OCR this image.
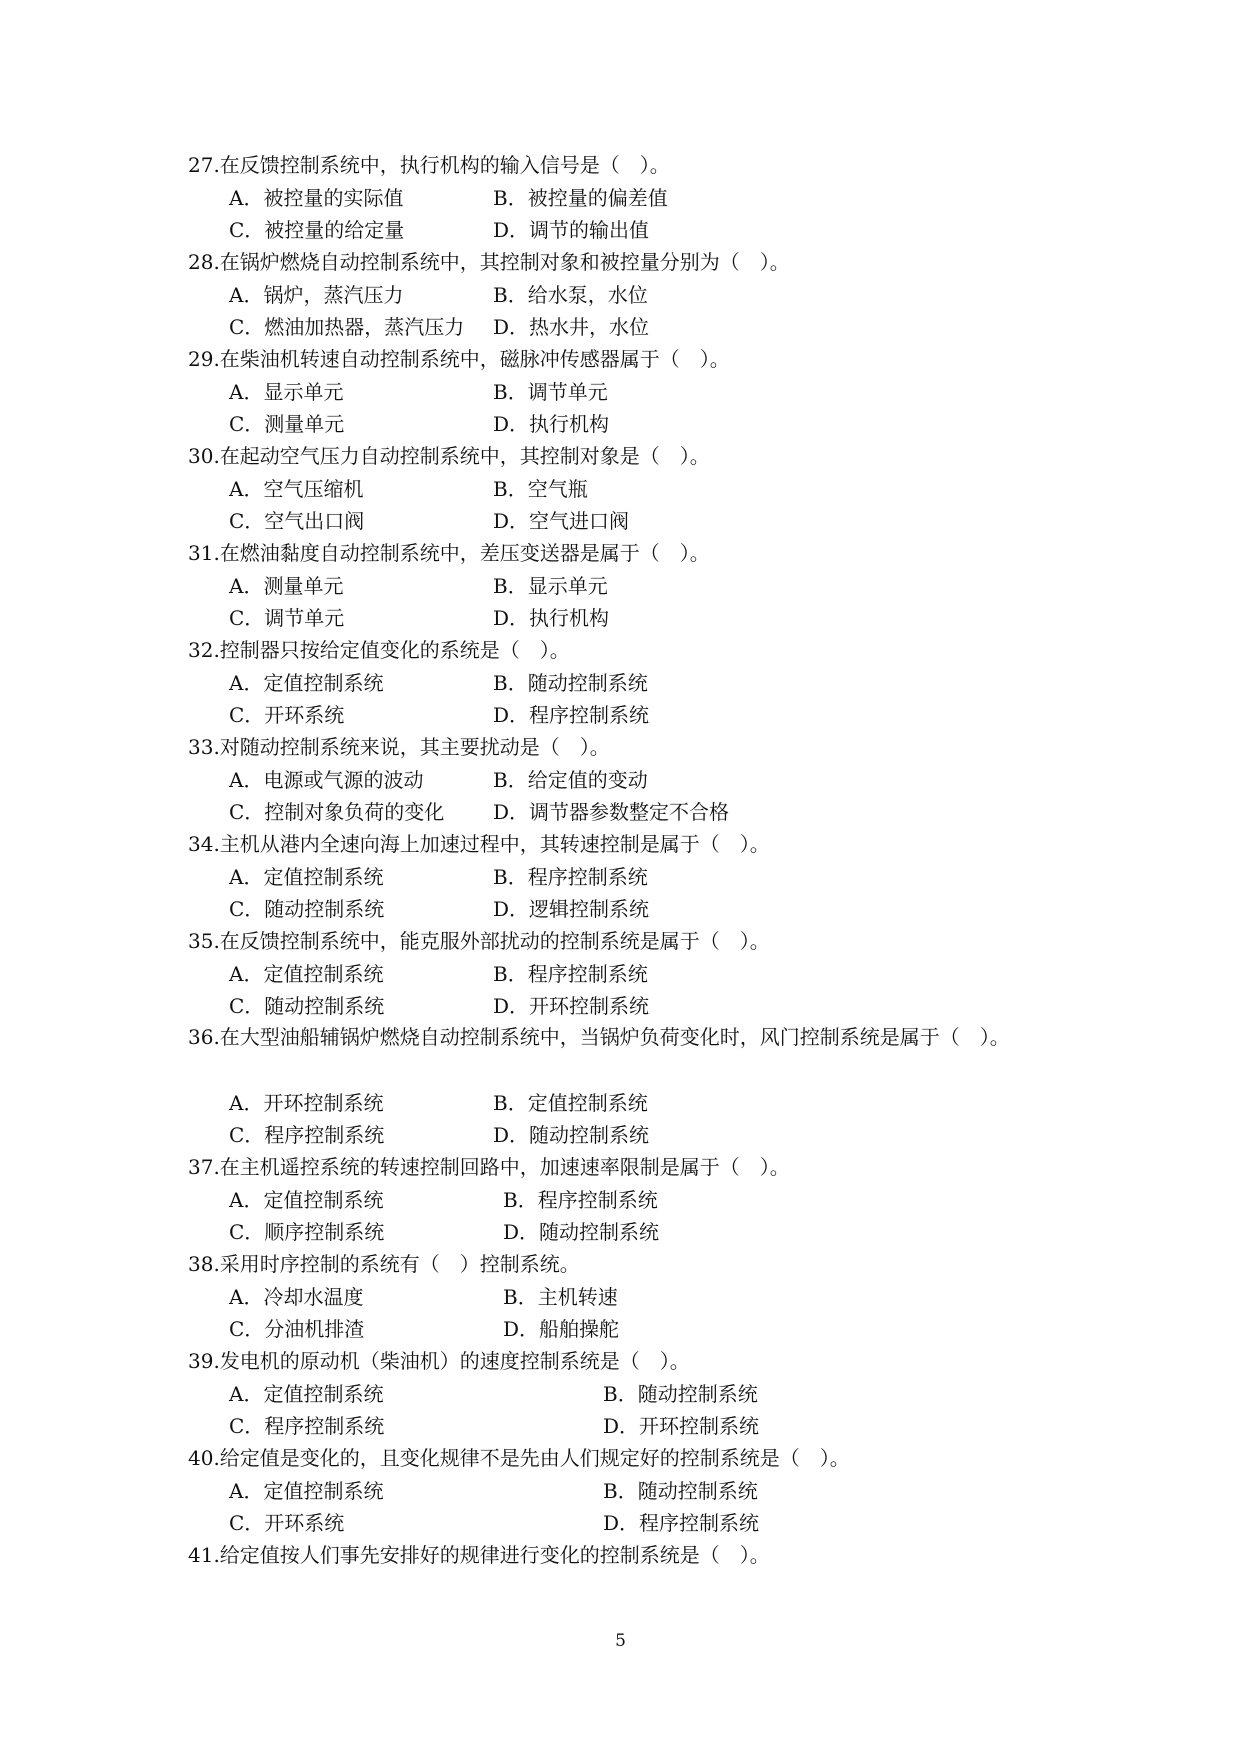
27.在反馈控制系统中，执行机构的输入信号是（　）。
A．被控量的实际值	B．被控量的偏差值
C．被控量的给定量	D．调节的输出值
28.在锅炉燃烧自动控制系统中，其控制对象和被控量分别为（　）。
A．锅炉，蒸汽压力	B．给水泵，水位
C．燃油加热器，蒸汽压力 D．热水井，水位
29.在柴油机转速自动控制系统中，磁脉冲传感器属于（　）。
A．显示单元	B．调节单元
C．测量单元	D．执行机构
30.在起动空气压力自动控制系统中，其控制对象是（　）。
A．空气压缩机	B．空气瓶
C．空气出口阀	D．空气进口阀
31.在燃油黏度自动控制系统中，差压变送器是属于（　）。
A．测量单元	B．显示单元
C．调节单元	D．执行机构
32.控制器只按给定值变化的系统是（　）。
A．定值控制系统	B．随动控制系统
C．开环系统	D．程序控制系统
33.对随动控制系统来说，其主要扰动是（　）。
A．电源或气源的波动	B．给定值的变动
C．控制对象负荷的变化 D．调节器参数整定不合格
34.主机从港内全速向海上加速过程中，其转速控制是属于（　）。
A．定值控制系统	B．程序控制系统
C．随动控制系统	D．逻辑控制系统
35.在反馈控制系统中，能克服外部扰动的控制系统是属于（　）。
A．定值控制系统	B．程序控制系统
C．随动控制系统	D．开环控制系统
36.在大型油船辅锅炉燃烧自动控制系统中，当锅炉负荷变化时，风门控制系统是属于（　）。
A．开环控制系统	B．定值控制系统
C．程序控制系统	D．随动控制系统
37.在主机遥控系统的转速控制回路中，加速速率限制是属于（　）。
A．定值控制系统	B．程序控制系统
C．顺序控制系统	D．随动控制系统
38.采用时序控制的系统有（　）控制系统。
A．冷却水温度	B．主机转速
C．分油机排渣	D．船舶操舵
39.发电机的原动机（柴油机）的速度控制系统是（　）。
A．定值控制系统	B．随动控制系统
C．程序控制系统	D．开环控制系统
40.给定值是变化的，且变化规律不是先由人们规定好的控制系统是（　）。
A．定值控制系统	B．随动控制系统
C．开环系统	D．程序控制系统
41.给定值按人们事先安排好的规律进行变化的控制系统是（　）。
5
